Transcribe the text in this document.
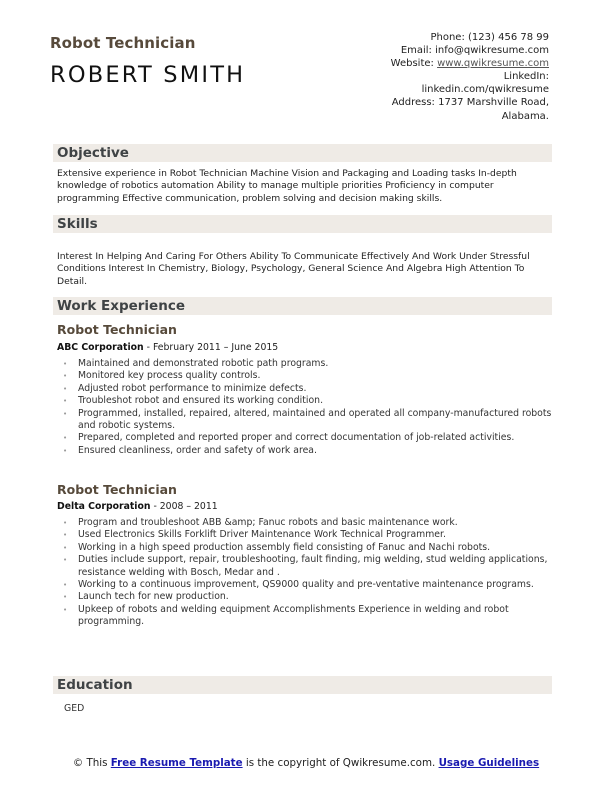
Robot Technician
ROBERT SMITH
Phone: (123) 456 78 99
Email: info@qwikresume.com
Website: www.qwikresume.com
LinkedIn:
linkedin.com/qwikresume
Address: 1737 Marshville Road,
Alabama.
Objective
Extensive experience in Robot Technician Machine Vision and Packaging and Loading tasks In-depth knowledge of robotics automation Ability to manage multiple priorities Proficiency in computer programming Effective communication, problem solving and decision making skills.
Skills
Interest In Helping And Caring For Others Ability To Communicate Effectively And Work Under Stressful Conditions Interest In Chemistry, Biology, Psychology, General Science And Algebra High Attention To Detail.
Work Experience
Robot Technician
ABC Corporation - February 2011 – June 2015
• Maintained and demonstrated robotic path programs.
• Monitored key process quality controls.
• Adjusted robot performance to minimize defects.
• Troubleshot robot and ensured its working condition.
• Programmed, installed, repaired, altered, maintained and operated all company-manufactured robots and robotic systems.
• Prepared, completed and reported proper and correct documentation of job-related activities.
• Ensured cleanliness, order and safety of work area.
Robot Technician
Delta Corporation - 2008 – 2011
• Program and troubleshoot ABB &amp; Fanuc robots and basic maintenance work.
• Used Electronics Skills Forklift Driver Maintenance Work Technical Programmer.
• Working in a high speed production assembly field consisting of Fanuc and Nachi robots.
• Duties include support, repair, troubleshooting, fault finding, mig welding, stud welding applications, resistance welding with Bosch, Medar and .
• Working to a continuous improvement, QS9000 quality and pre-ventative maintenance programs.
• Launch tech for new production.
• Upkeep of robots and welding equipment Accomplishments Experience in welding and robot programming.
Education
GED
© This Free Resume Template is the copyright of Qwikresume.com. Usage Guidelines
